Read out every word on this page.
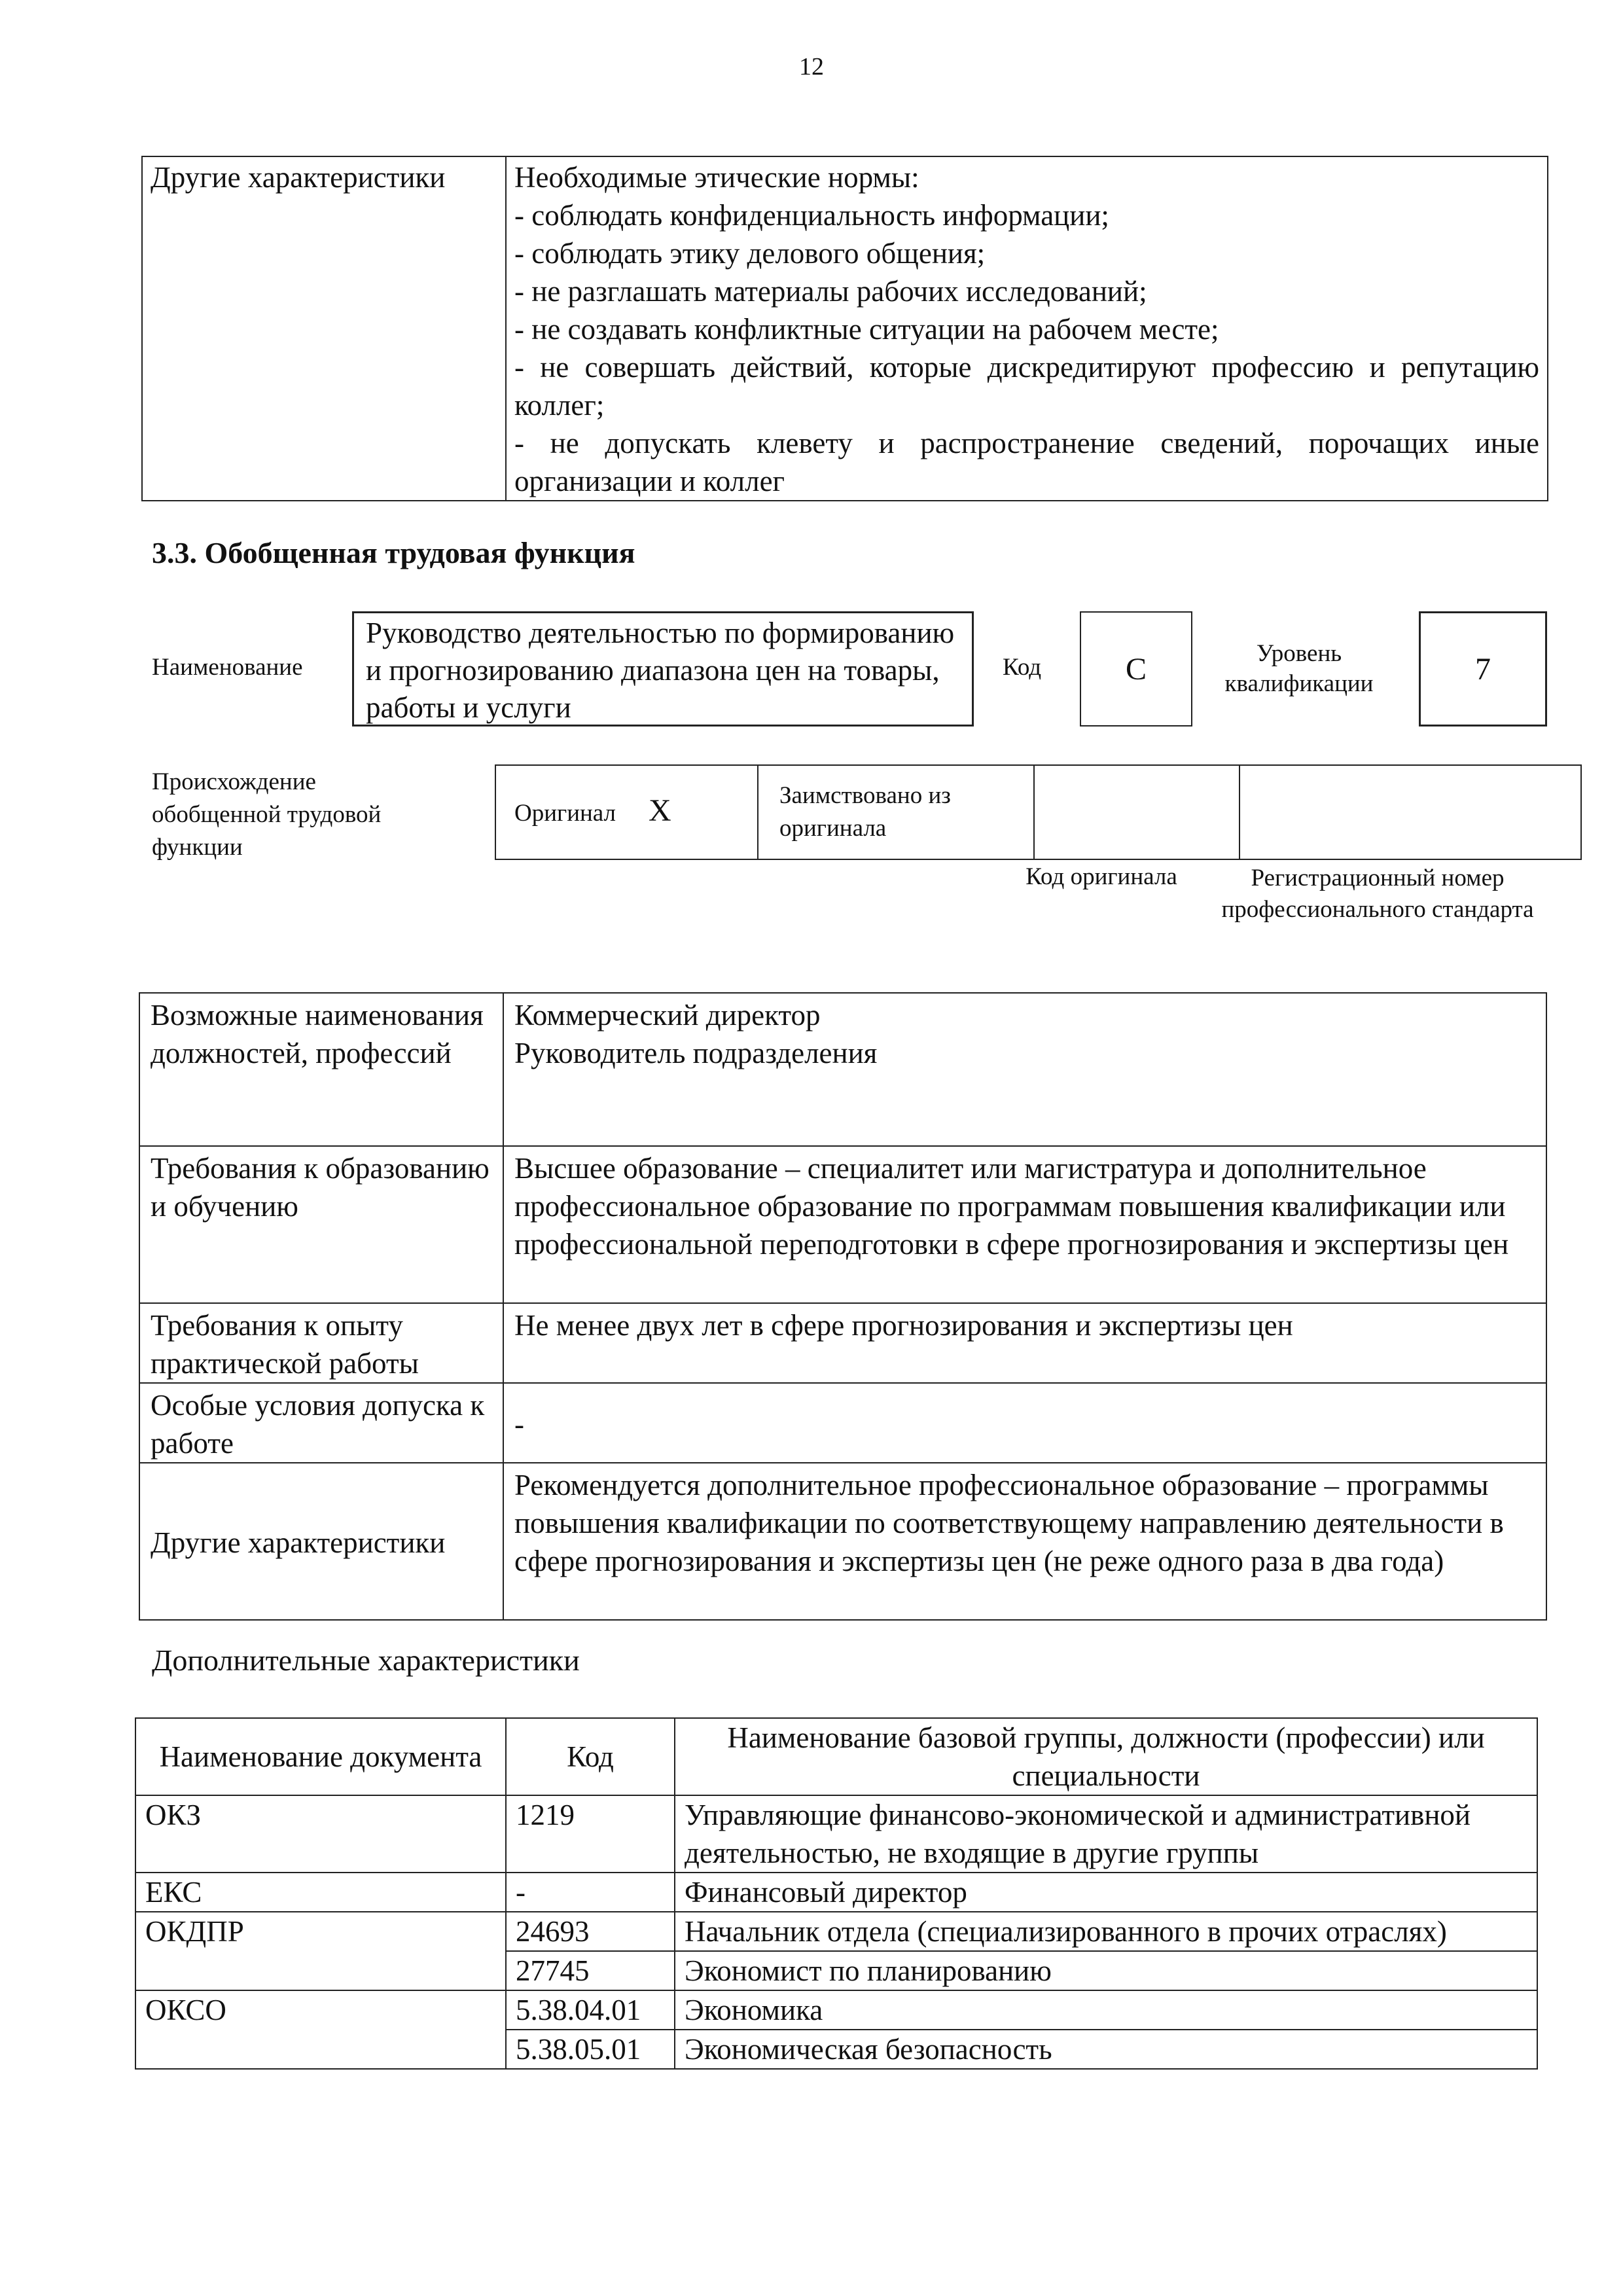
12
Другие характеристики	Необходимые этические нормы:
- соблюдать конфиденциальность информации;
- соблюдать этику делового общения;
- не разглашать материалы рабочих исследований;
- не создавать конфликтные ситуации на рабочем месте;
- не совершать действий, которые дискредитируют профессию и репутацию коллег;
- не допускать клевету и распространение сведений, порочащих иные организации и коллег
3.3. Обобщенная трудовая функция
Наименование
Руководство деятельностью по формированию и прогнозированию диапазона цен на товары, работы и услуги
Код	С	Уровень квалификации	7
Происхождение обобщенной трудовой функции
Оригинал Х	Заимствовано из оригинала		
Код оригинала	Регистрационный номер профессионального стандарта
Возможные наименования должностей, профессий	Коммерческий директор
Руководитель подразделения

Требования к образованию и обучению	Высшее образование – специалитет или магистратура и дополнительное профессиональное образование по программам повышения квалификации или профессиональной переподготовки в сфере прогнозирования и экспертизы цен
Требования к опыту практической работы	Не менее двух лет в сфере прогнозирования и экспертизы цен
Особые условия допуска к работе	-
Другие характеристики	Рекомендуется дополнительное профессиональное образование – программы повышения квалификации по соответствующему направлению деятельности в сфере прогнозирования и экспертизы цен (не реже одного раза в два года)
Дополнительные характеристики
Наименование документа	Код	Наименование базовой группы, должности (профессии) или специальности
ОКЗ	1219	Управляющие финансово-экономической и административной деятельностью, не входящие в другие группы
ЕКС	-	Финансовый директор
ОКДПР	24693	Начальник отдела (специализированного в прочих отраслях)
	27745	Экономист по планированию
ОКСО	5.38.04.01	Экономика
	5.38.05.01	Экономическая безопасность
